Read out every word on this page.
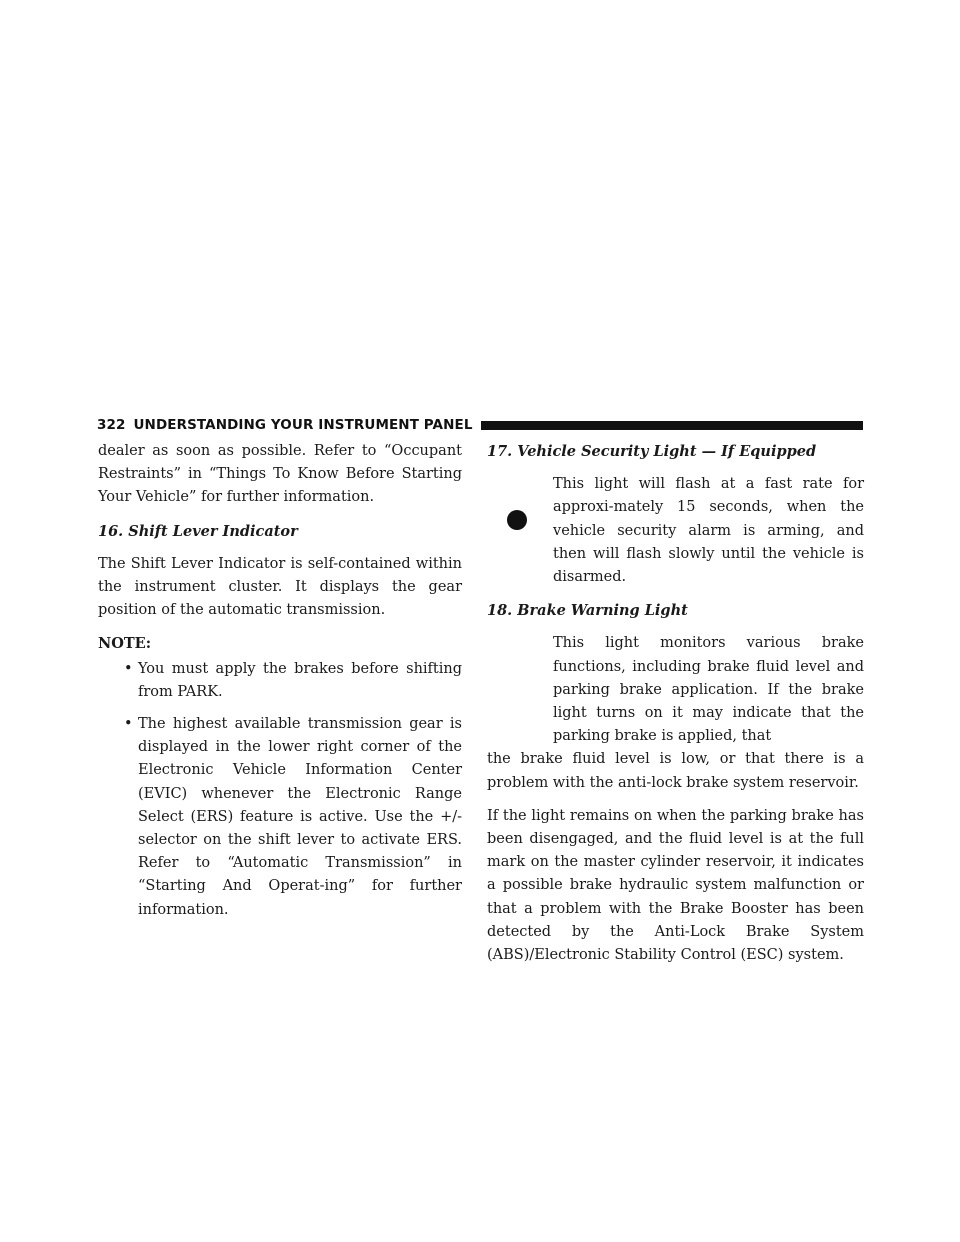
322 UNDERSTANDING YOUR INSTRUMENT PANEL

dealer as soon as possible. Refer to “Occupant Restraints” in “Things To Know Before Starting Your Vehicle” for further information.

16. Shift Lever Indicator

The Shift Lever Indicator is self-contained within the instrument cluster. It displays the gear position of the automatic transmission.

NOTE:
• You must apply the brakes before shifting from PARK.
• The highest available transmission gear is displayed in the lower right corner of the Electronic Vehicle Information Center (EVIC) whenever the Electronic Range Select (ERS) feature is active. Use the +/- selector on the shift lever to activate ERS. Refer to “Automatic Transmission” in “Starting And Operat-ing” for further information.
17. Vehicle Security Light — If Equipped
This light will flash at a fast rate for approxi-mately 15 seconds, when the vehicle security alarm is arming, and then will flash slowly until the vehicle is disarmed.
18. Brake Warning Light
This light monitors various brake functions, including brake fluid level and parking brake application. If the brake light turns on it may indicate that the parking brake is applied, that

the brake fluid level is low, or that there is a problem with the anti-lock brake system reservoir.

If the light remains on when the parking brake has been disengaged, and the fluid level is at the full mark on the master cylinder reservoir, it indicates a possible brake hydraulic system malfunction or that a problem with the Brake Booster has been detected by the Anti-Lock Brake System (ABS)/Electronic Stability Control (ESC) system.
